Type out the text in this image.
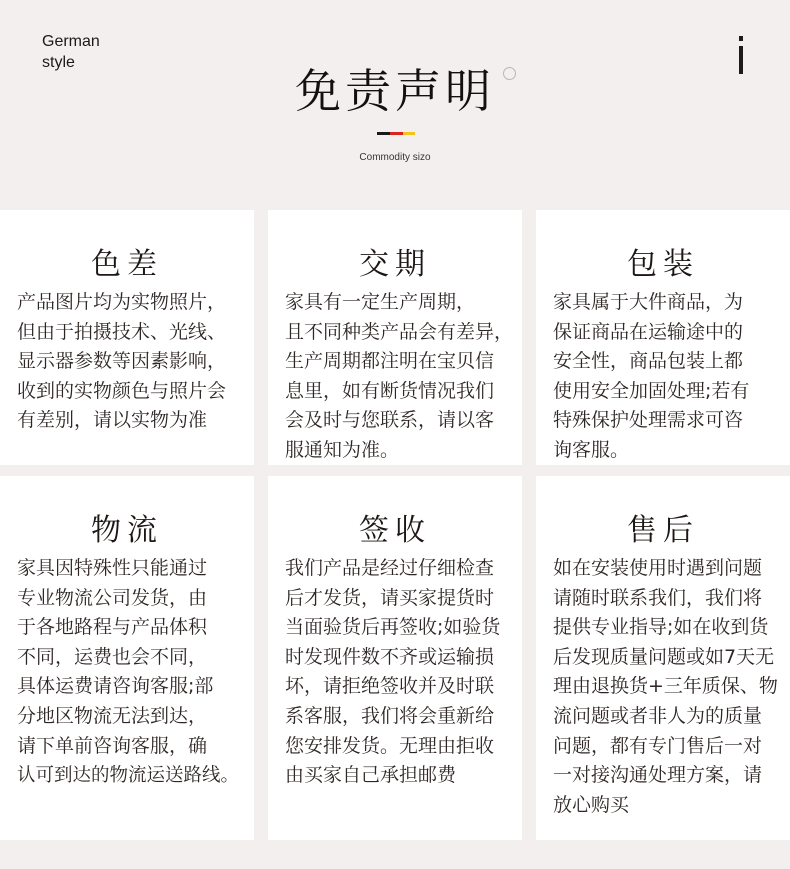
German
style
免责声明
Commodity sizo
色差
产品图片均为实物照片，
但由于拍摄技术、光线、
显示器参数等因素影响，
收到的实物颜色与照片会
有差别，请以实物为准
交期
家具有一定生产周期，
且不同种类产品会有差异，
生产周期都注明在宝贝信
息里，如有断货情况我们
会及时与您联系，请以客
服通知为准。
包装
家具属于大件商品，为
保证商品在运输途中的
安全性，商品包装上都
使用安全加固处理;若有
特殊保护处理需求可咨
询客服。
物流
家具因特殊性只能通过
专业物流公司发货，由
于各地路程与产品体积
不同，运费也会不同，
具体运费请咨询客服;部
分地区物流无法到达，
请下单前咨询客服，确
认可到达的物流运送路线。
签收
我们产品是经过仔细检查
后才发货，请买家提货时
当面验货后再签收;如验货
时发现件数不齐或运输损
坏，请拒绝签收并及时联
系客服，我们将会重新给
您安排发货。无理由拒收
由买家自己承担邮费
售后
如在安装使用时遇到问题
请随时联系我们，我们将
提供专业指导;如在收到货
后发现质量问题或如7天无
理由退换货+三年质保、物
流问题或者非人为的质量
问题，都有专门售后一对
一对接沟通处理方案，请
放心购买
